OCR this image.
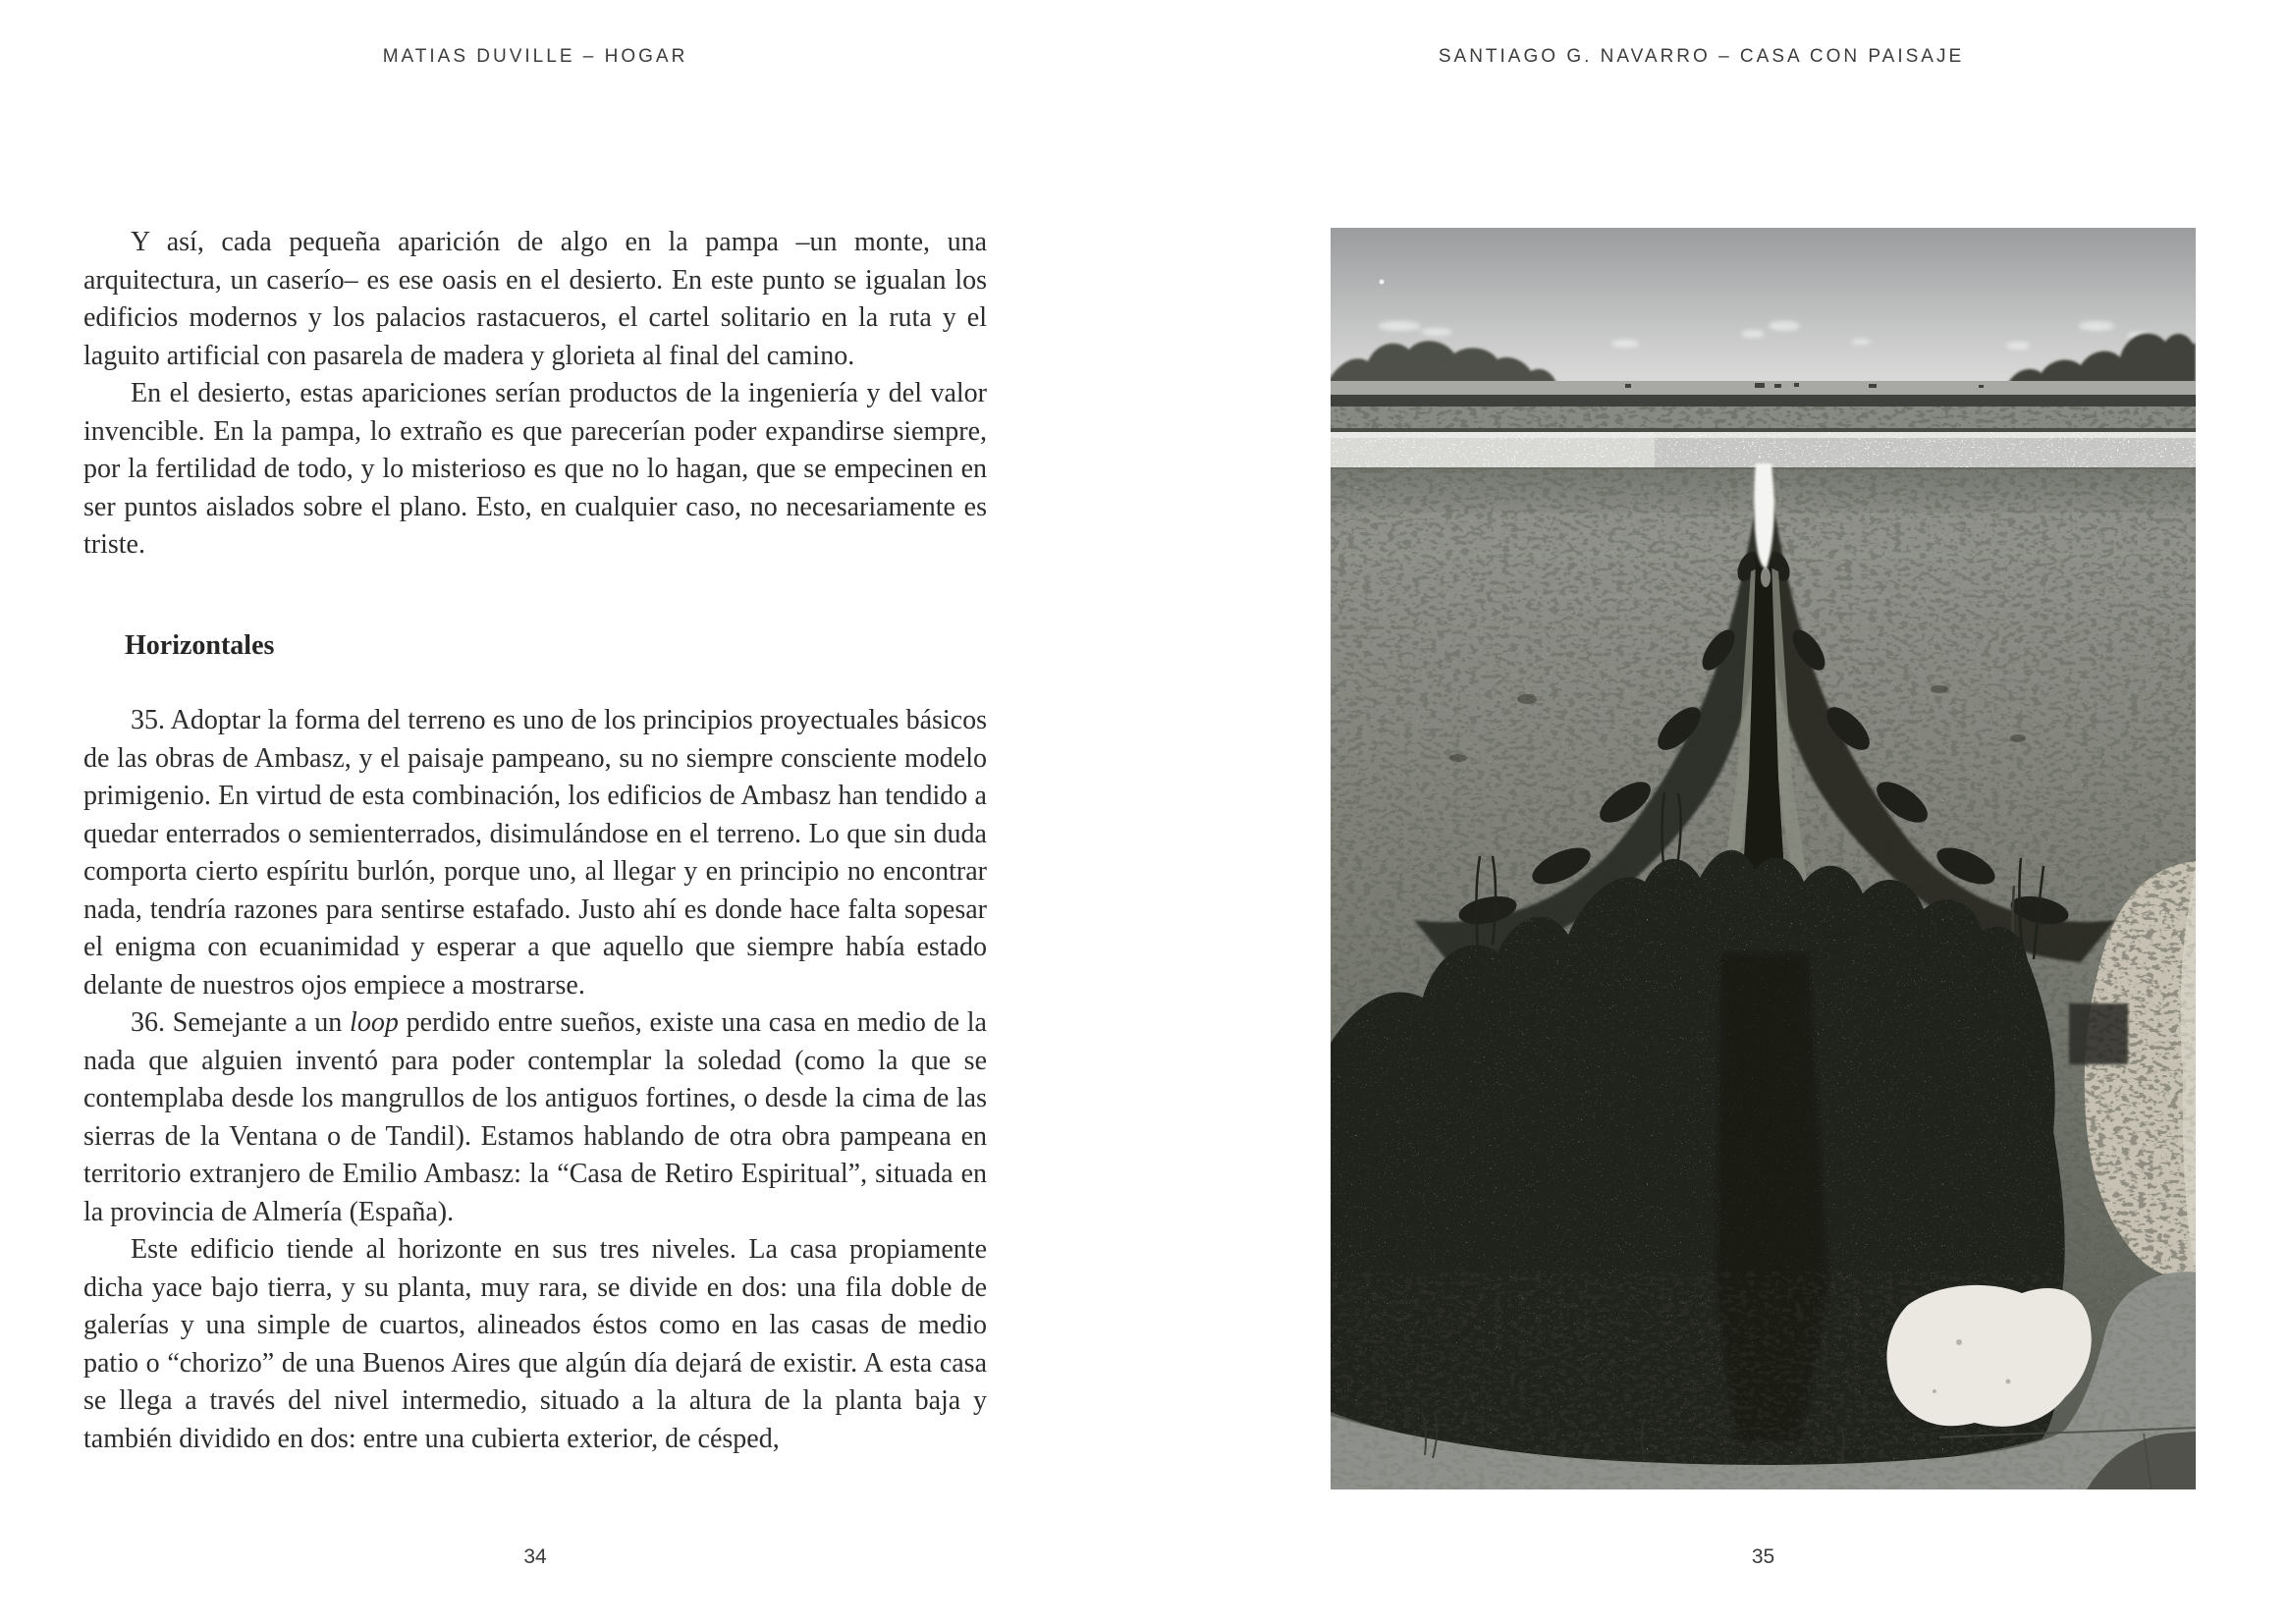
MATIAS DUVILLE – HOGAR

Y así, cada pequeña aparición de algo en la pampa –un monte, una arquitectura, un caserío– es ese oasis en el desierto. En este punto se igualan los edificios modernos y los palacios rastacueros, el cartel solitario en la ruta y el laguito artificial con pasarela de madera y glorieta al final del camino.

En el desierto, estas apariciones serían productos de la ingeniería y del valor invencible. En la pampa, lo extraño es que parecerían poder expandirse siempre, por la fertilidad de todo, y lo misterioso es que no lo hagan, que se empecinen en ser puntos aislados sobre el plano. Esto, en cualquier caso, no necesariamente es triste.

Horizontales

35. Adoptar la forma del terreno es uno de los principios proyectuales básicos de las obras de Ambasz, y el paisaje pampeano, su no siempre consciente modelo primigenio. En virtud de esta combinación, los edificios de Ambasz han tendido a quedar enterrados o semienterrados, disimulándose en el terreno. Lo que sin duda comporta cierto espíritu burlón, porque uno, al llegar y en principio no encontrar nada, tendría razones para sentirse estafado. Justo ahí es donde hace falta sopesar el enigma con ecuanimidad y esperar a que aquello que siempre había estado delante de nuestros ojos empiece a mostrarse.

36. Semejante a un loop perdido entre sueños, existe una casa en medio de la nada que alguien inventó para poder contemplar la soledad (como la que se contemplaba desde los mangrullos de los antiguos fortines, o desde la cima de las sierras de la Ventana o de Tandil). Estamos hablando de otra obra pampeana en territorio extranjero de Emilio Ambasz: la “Casa de Retiro Espiritual”, situada en la provincia de Almería (España).

Este edificio tiende al horizonte en sus tres niveles. La casa propiamente dicha yace bajo tierra, y su planta, muy rara, se divide en dos: una fila doble de galerías y una simple de cuartos, alineados éstos como en las casas de medio patio o “chorizo” de una Buenos Aires que algún día dejará de existir. A esta casa se llega a través del nivel intermedio, situado a la altura de la planta baja y también dividido en dos: entre una cubierta exterior, de césped,

34
SANTIAGO G. NAVARRO – CASA CON PAISAJE
35
